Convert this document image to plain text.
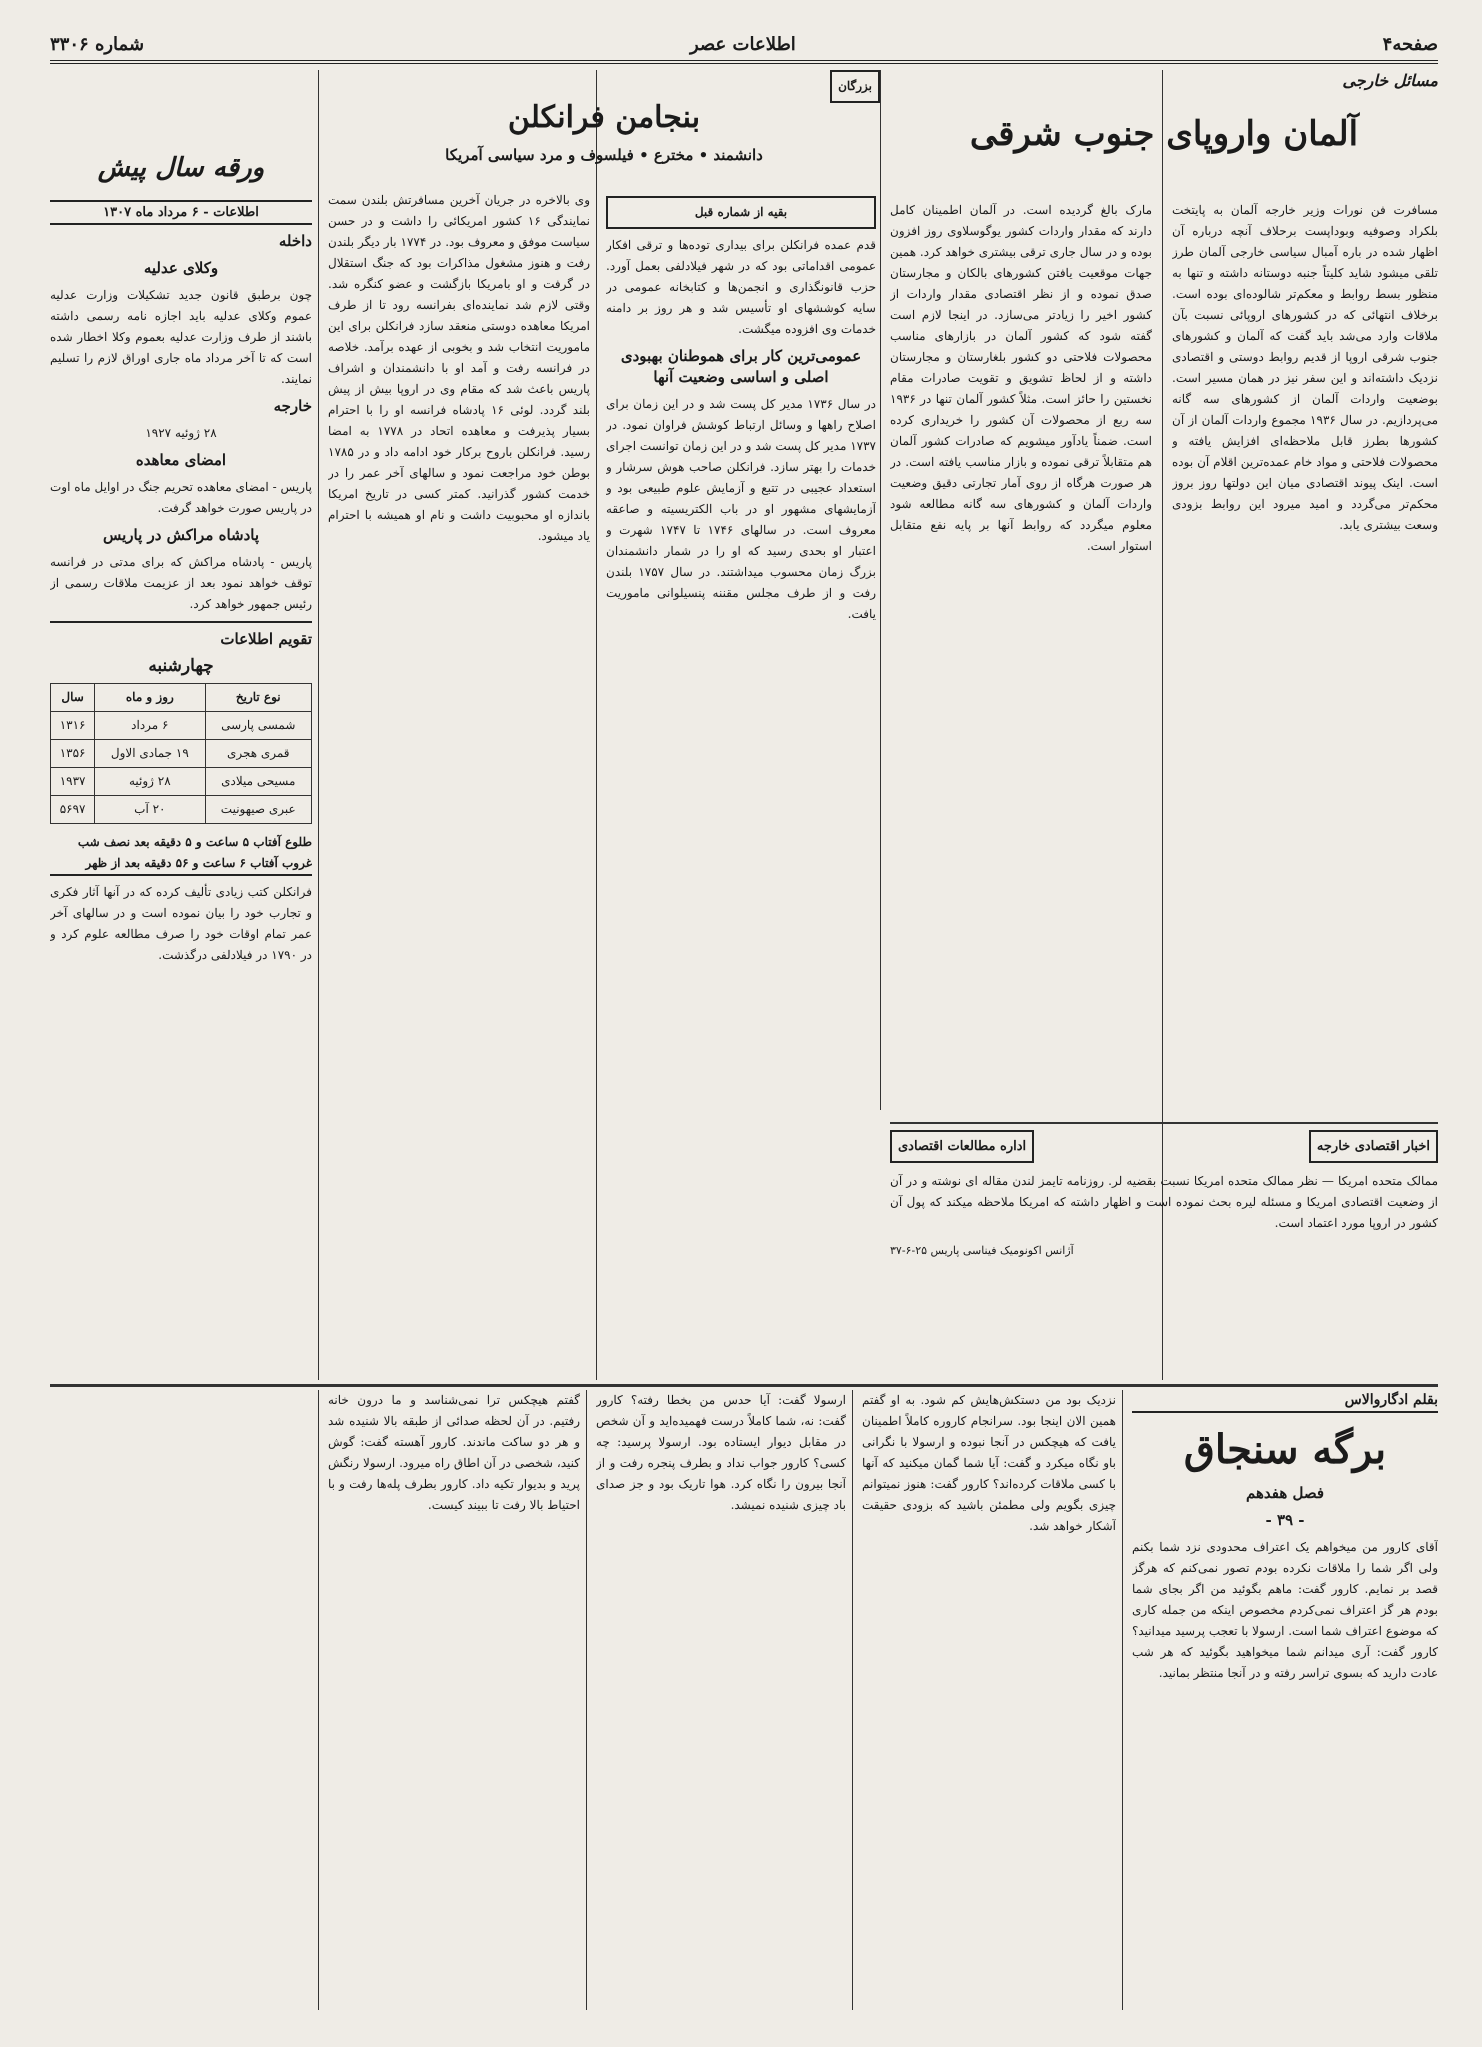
صفحه۴
اطلاعات عصر
شماره ۳۳۰۶
مسائل خارجی
آلمان واروپای جنوب شرقی

مسافرت فن نورات وزیر خارجه آلمان به پایتخت بلکراد وصوفیه وبوداپست برحلاف آنچه درباره آن اظهار شده در باره آمبال سیاسی خارجی آلمان طرز تلقی میشود شاید کلیتاً جنبه دوستانه داشته و تنها به منظور بسط روابط و معکم‌تر شالوده‌ای بوده است. برخلاف انتهائی که در کشورهای اروپائی نسبت بآن ملاقات وارد می‌شد باید گفت که آلمان و کشورهای جنوب شرقی اروپا از قدیم روابط دوستی و اقتصادی نزدیک داشته‌اند و این سفر نیز در همان مسیر است. بوضعیت واردات آلمان از کشورهای سه گانه می‌پردازیم. در سال ۱۹۳۶ مجموع واردات آلمان از آن کشورها بطرز قابل ملاحظه‌ای افزایش یافته و محصولات فلاحتی و مواد خام عمده‌ترین اقلام آن بوده است. اینک پیوند اقتصادی میان این دولتها روز بروز محکم‌تر می‌گردد و امید میرود این روابط بزودی وسعت بیشتری یابد.

مارک بالغ گردیده است. در آلمان اطمینان کامل دارند که مقدار واردات کشور یوگوسلاوی روز افزون بوده و در سال جاری ترقی بیشتری خواهد کرد. همین جهات موقعیت یافتن کشورهای بالکان و مجارستان صدق نموده و از نظر اقتصادی مقدار واردات از کشور اخیر را زیادتر می‌سازد. در اینجا لازم است گفته شود که کشور آلمان در بازارهای مناسب محصولات فلاحتی دو کشور بلغارستان و مجارستان داشته و از لحاظ تشویق و تقویت صادرات مقام نخستین را حائز است. مثلاً کشور آلمان تنها در ۱۹۳۶ سه ربع از محصولات آن کشور را خریداری کرده است. ضمناً یادآور میشویم که صادرات کشور آلمان هم متقابلاً ترقی نموده و بازار مناسب یافته است. در هر صورت هرگاه از روی آمار تجارتی دقیق وضعیت واردات آلمان و کشورهای سه گانه مطالعه شود معلوم میگردد که روابط آنها بر پایه نفع متقابل استوار است.

اخبار اقتصادی خارجه
اداره مطالعات اقتصادی

ممالک متحده امریکا — نظر ممالک متحده امریکا نسبت بقضیه لر. روزنامه تایمز لندن مقاله ای نوشته و در آن از وضعیت اقتصادی امریکا و مسئله لیره بحث نموده است و اظهار داشته که امریکا ملاحظه میکند که پول آن کشور در اروپا مورد اعتماد است.

آژانس اکونومیک فیناسی پاریس ۲۵-۶-۳۷

بزرگان
بنجامن فرانکلن
دانشمند • مخترع • فیلسوف و مرد سیاسی آمریکا
بقیه از شماره قبل

قدم عمده فرانکلن برای بیداری توده‌ها و ترقی افکار عمومی اقداماتی بود که در شهر فیلادلفی بعمل آورد. حزب قانونگذاری و انجمن‌ها و کتابخانه عمومی در سایه کوششهای او تأسیس شد و هر روز بر دامنه خدمات وی افزوده میگشت.

عمومی‌ترین کار برای هموطنان بهبودی اصلی و اساسی وضعیت آنها

در سال ۱۷۳۶ مدیر کل پست شد و در این زمان برای اصلاح راهها و وسائل ارتباط کوشش فراوان نمود. در ۱۷۳۷ مدیر کل پست شد و در این زمان توانست اجرای خدمات را بهتر سازد. فرانکلن صاحب هوش سرشار و استعداد عجیبی در تتبع و آزمایش علوم طبیعی بود و آزمایشهای مشهور او در باب الکتریسیته و صاعقه معروف است. در سالهای ۱۷۴۶ تا ۱۷۴۷ شهرت و اعتبار او بحدی رسید که او را در شمار دانشمندان بزرگ زمان محسوب میداشتند. در سال ۱۷۵۷ بلندن رفت و از طرف مجلس مقننه پنسیلوانی ماموریت یافت.

وی بالاخره در جریان آخرین مسافرتش بلندن سمت نمایندگی ۱۶ کشور امریکائی را داشت و در حسن سیاست موفق و معروف بود. در ۱۷۷۴ بار دیگر بلندن رفت و هنوز مشغول مذاکرات بود که جنگ استقلال در گرفت و او بامریکا بازگشت و عضو کنگره شد. وقتی لازم شد نماینده‌ای بفرانسه رود تا از طرف امریکا معاهده دوستی منعقد سازد فرانکلن برای این ماموریت انتخاب شد و بخوبی از عهده برآمد. خلاصه در فرانسه رفت و آمد او با دانشمندان و اشراف پاریس باعث شد که مقام وی در اروپا بیش از پیش بلند گردد. لوئی ۱۶ پادشاه فرانسه او را با احترام بسیار پذیرفت و معاهده اتحاد در ۱۷۷۸ به امضا رسید. فرانکلن باروح برکار خود ادامه داد و در ۱۷۸۵ بوطن خود مراجعت نمود و سالهای آخر عمر را در خدمت کشور گذرانید. کمتر کسی در تاریخ امریکا باندازه او محبوبیت داشت و نام او همیشه با احترام یاد میشود.

ورقه سال پیش
اطلاعات - ۶ مرداد ماه ۱۳۰۷
داخله
وکلای عدلیه

چون برطبق قانون جدید تشکیلات وزارت عدلیه عموم وکلای عدلیه باید اجازه نامه رسمی داشته باشند از طرف وزارت عدلیه بعموم وکلا اخطار شده است که تا آخر مرداد ماه جاری اوراق لازم را تسلیم نمایند.

خارجه
۲۸ ژوئیه ۱۹۲۷
امضای معاهده

پاریس - امضای معاهده تحریم جنگ در اوایل ماه اوت در پاریس صورت خواهد گرفت.

پادشاه مراکش در پاریس

پاریس - پادشاه مراکش که برای مدتی در فرانسه توقف خواهد نمود بعد از عزیمت ملاقات رسمی از رئیس جمهور خواهد کرد.

تقویم اطلاعات
چهارشنبه
نوع تاریخ	روز و ماه	سال
شمسی پارسی	۶ مرداد	۱۳۱۶
قمری هجری	۱۹ جمادی الاول	۱۳۵۶
مسیحی میلادی	۲۸ ژوئیه	۱۹۳۷
عبری صیهونیت	۲۰ آب	۵۶۹۷
طلوع آفتاب ۵ ساعت و ۵ دقیقه بعد نصف شب
غروب آفتاب ۶ ساعت و ۵۶ دقیقه بعد از ظهر

فرانکلن کتب زیادی تألیف کرده که در آنها آثار فکری و تجارب خود را بیان نموده است و در سالهای آخر عمر تمام اوقات خود را صرف مطالعه علوم کرد و در ۱۷۹۰ در فیلادلفی درگذشت.

بقلم ادگاروالاس
برگه سنجاق
فصل هفدهم
- ۳۹ -

آقای کارور من میخواهم یک اعتراف محدودی نزد شما بکنم ولی اگر شما را ملاقات نکرده بودم تصور نمی‌کنم که هرگز قصد بر نمایم. کارور گفت: ماهم بگوئید من اگر بجای شما بودم هر گز اعتراف نمی‌کردم مخصوص اینکه من جمله کاری که موضوع اعتراف شما است. ارسولا با تعجب پرسید میدانید؟ کارور گفت: آری میدانم شما میخواهید بگوئید که هر شب عادت دارید که بسوی تراسر رفته و در آنجا منتظر بمانید.

نزدیک بود من دستکش‌هایش کم شود. به او گفتم همین الان اینجا بود. سرانجام کاروره کاملاً اطمینان یافت که هیچکس در آنجا نبوده و ارسولا با نگرانی باو نگاه میکرد و گفت: آیا شما گمان میکنید که آنها با کسی ملاقات کرده‌اند؟ کارور گفت: هنوز نمیتوانم چیزی بگویم ولی مطمئن باشید که بزودی حقیقت آشکار خواهد شد.

ارسولا گفت: آیا حدس من بخطا رفته؟ کارور گفت: نه، شما کاملاً درست فهمیده‌اید و آن شخص در مقابل دیوار ایستاده بود. ارسولا پرسید: چه کسی؟ کارور جواب نداد و بطرف پنجره رفت و از آنجا بیرون را نگاه کرد. هوا تاریک بود و جز صدای باد چیزی شنیده نمیشد.

گفتم هیچکس ترا نمی‌شناسد و ما درون خانه رفتیم. در آن لحظه صدائی از طبقه بالا شنیده شد و هر دو ساکت ماندند. کارور آهسته گفت: گوش کنید، شخصی در آن اطاق راه میرود. ارسولا رنگش پرید و بدیوار تکیه داد. کارور بطرف پله‌ها رفت و با احتیاط بالا رفت تا ببیند کیست.
